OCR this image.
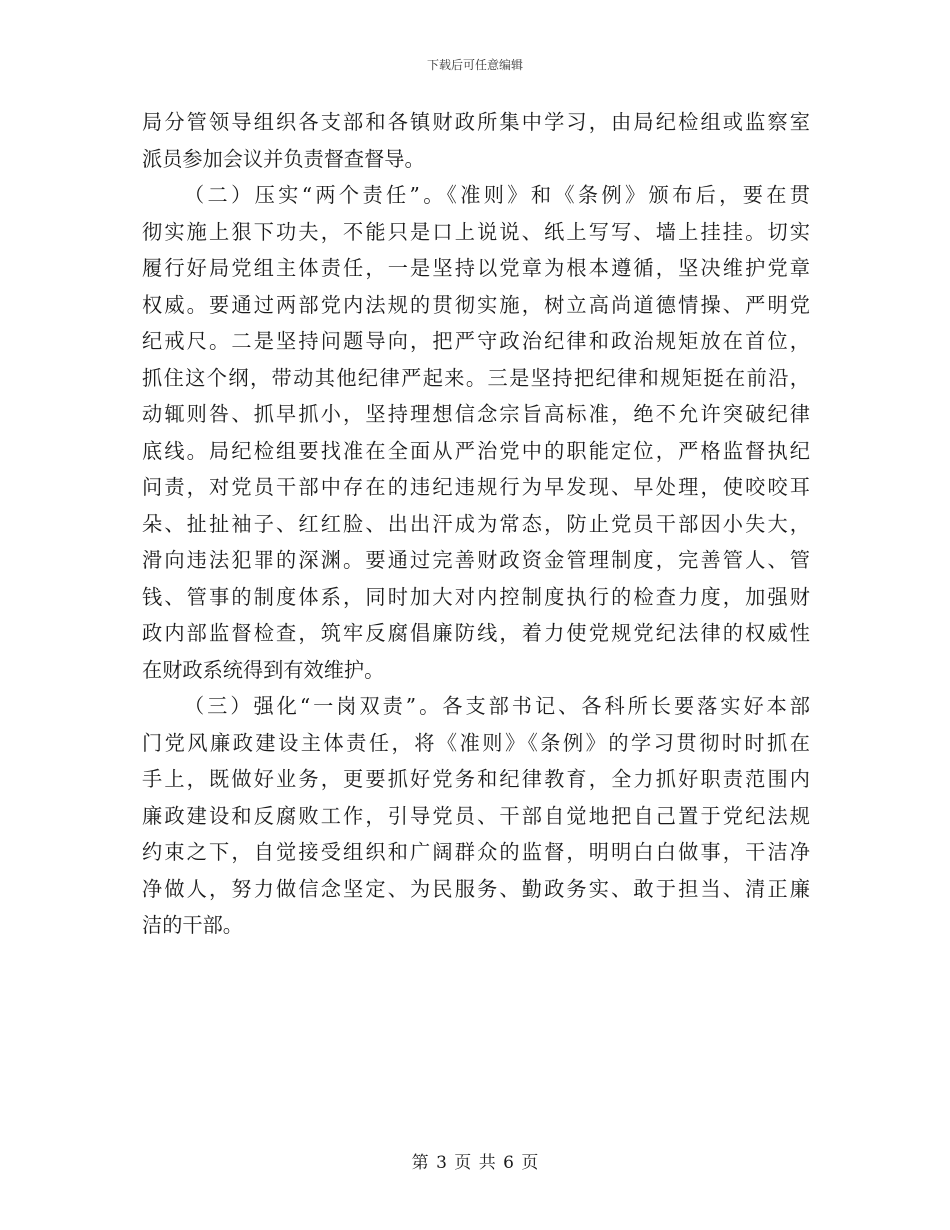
下载后可任意编辑
局分管领导组织各支部和各镇财政所集中学习，由局纪检组或监察室
派员参加会议并负责督查督导。
（二）压实“两个责任”。《准则》和《条例》颁布后，要在贯
彻实施上狠下功夫，不能只是口上说说、纸上写写、墙上挂挂。切实
履行好局党组主体责任，一是坚持以党章为根本遵循，坚决维护党章
权威。要通过两部党内法规的贯彻实施，树立高尚道德情操、严明党
纪戒尺。二是坚持问题导向，把严守政治纪律和政治规矩放在首位，
抓住这个纲，带动其他纪律严起来。三是坚持把纪律和规矩挺在前沿，
动辄则咎、抓早抓小，坚持理想信念宗旨高标准，绝不允许突破纪律
底线。局纪检组要找准在全面从严治党中的职能定位，严格监督执纪
问责，对党员干部中存在的违纪违规行为早发现、早处理，使咬咬耳
朵、扯扯袖子、红红脸、出出汗成为常态，防止党员干部因小失大，
滑向违法犯罪的深渊。要通过完善财政资金管理制度，完善管人、管
钱、管事的制度体系，同时加大对内控制度执行的检查力度，加强财
政内部监督检查，筑牢反腐倡廉防线，着力使党规党纪法律的权威性
在财政系统得到有效维护。
（三）强化“一岗双责”。各支部书记、各科所长要落实好本部
门党风廉政建设主体责任，将《准则》《条例》的学习贯彻时时抓在
手上，既做好业务，更要抓好党务和纪律教育，全力抓好职责范围内
廉政建设和反腐败工作，引导党员、干部自觉地把自己置于党纪法规
约束之下，自觉接受组织和广阔群众的监督，明明白白做事，干洁净
净做人，努力做信念坚定、为民服务、勤政务实、敢于担当、清正廉
洁的干部。
第 3 页 共 6 页
